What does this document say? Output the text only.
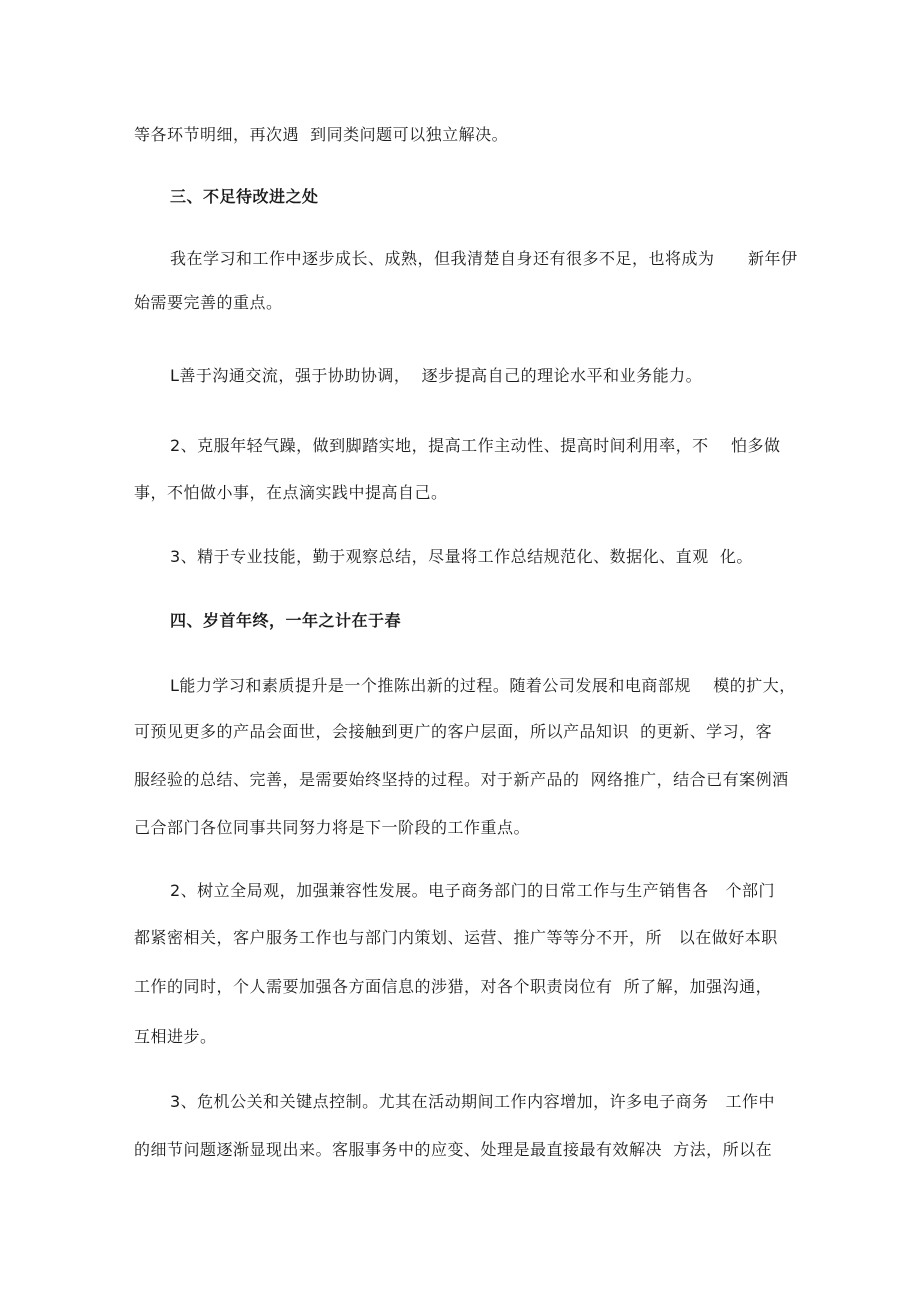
等各环节明细，再次遇  到同类问题可以独立解决。
三、不足待改进之处
我在学习和工作中逐步成长、成熟，但我清楚自身还有很多不足，也将成为      新年伊
始需要完善的重点。
L善于沟通交流，强于协助协调，  逐步提高自己的理论水平和业务能力。
2、克服年轻气躁，做到脚踏实地，提高工作主动性、提高时间利用率，不    怕多做
事，不怕做小事，在点滴实践中提高自己。
3、精于专业技能，勤于观察总结，尽量将工作总结规范化、数据化、直观  化。
四、岁首年终，一年之计在于春
L能力学习和素质提升是一个推陈出新的过程。随着公司发展和电商部规    模的扩大，
可预见更多的产品会面世，会接触到更广的客户层面，所以产品知识  的更新、学习，客
服经验的总结、完善，是需要始终坚持的过程。对于新产品的  网络推广，结合已有案例酒
己合部门各位同事共同努力将是下一阶段的工作重点。
2、树立全局观，加强兼容性发展。电子商务部门的日常工作与生产销售各   个部门
都紧密相关，客户服务工作也与部门内策划、运营、推广等等分不开，所   以在做好本职
工作的同时，个人需要加强各方面信息的涉猎，对各个职责岗位有  所了解，加强沟通，
互相进步。
3、危机公关和关键点控制。尤其在活动期间工作内容增加，许多电子商务   工作中
的细节问题逐渐显现出来。客服事务中的应变、处理是最直接最有效解决  方法，所以在
